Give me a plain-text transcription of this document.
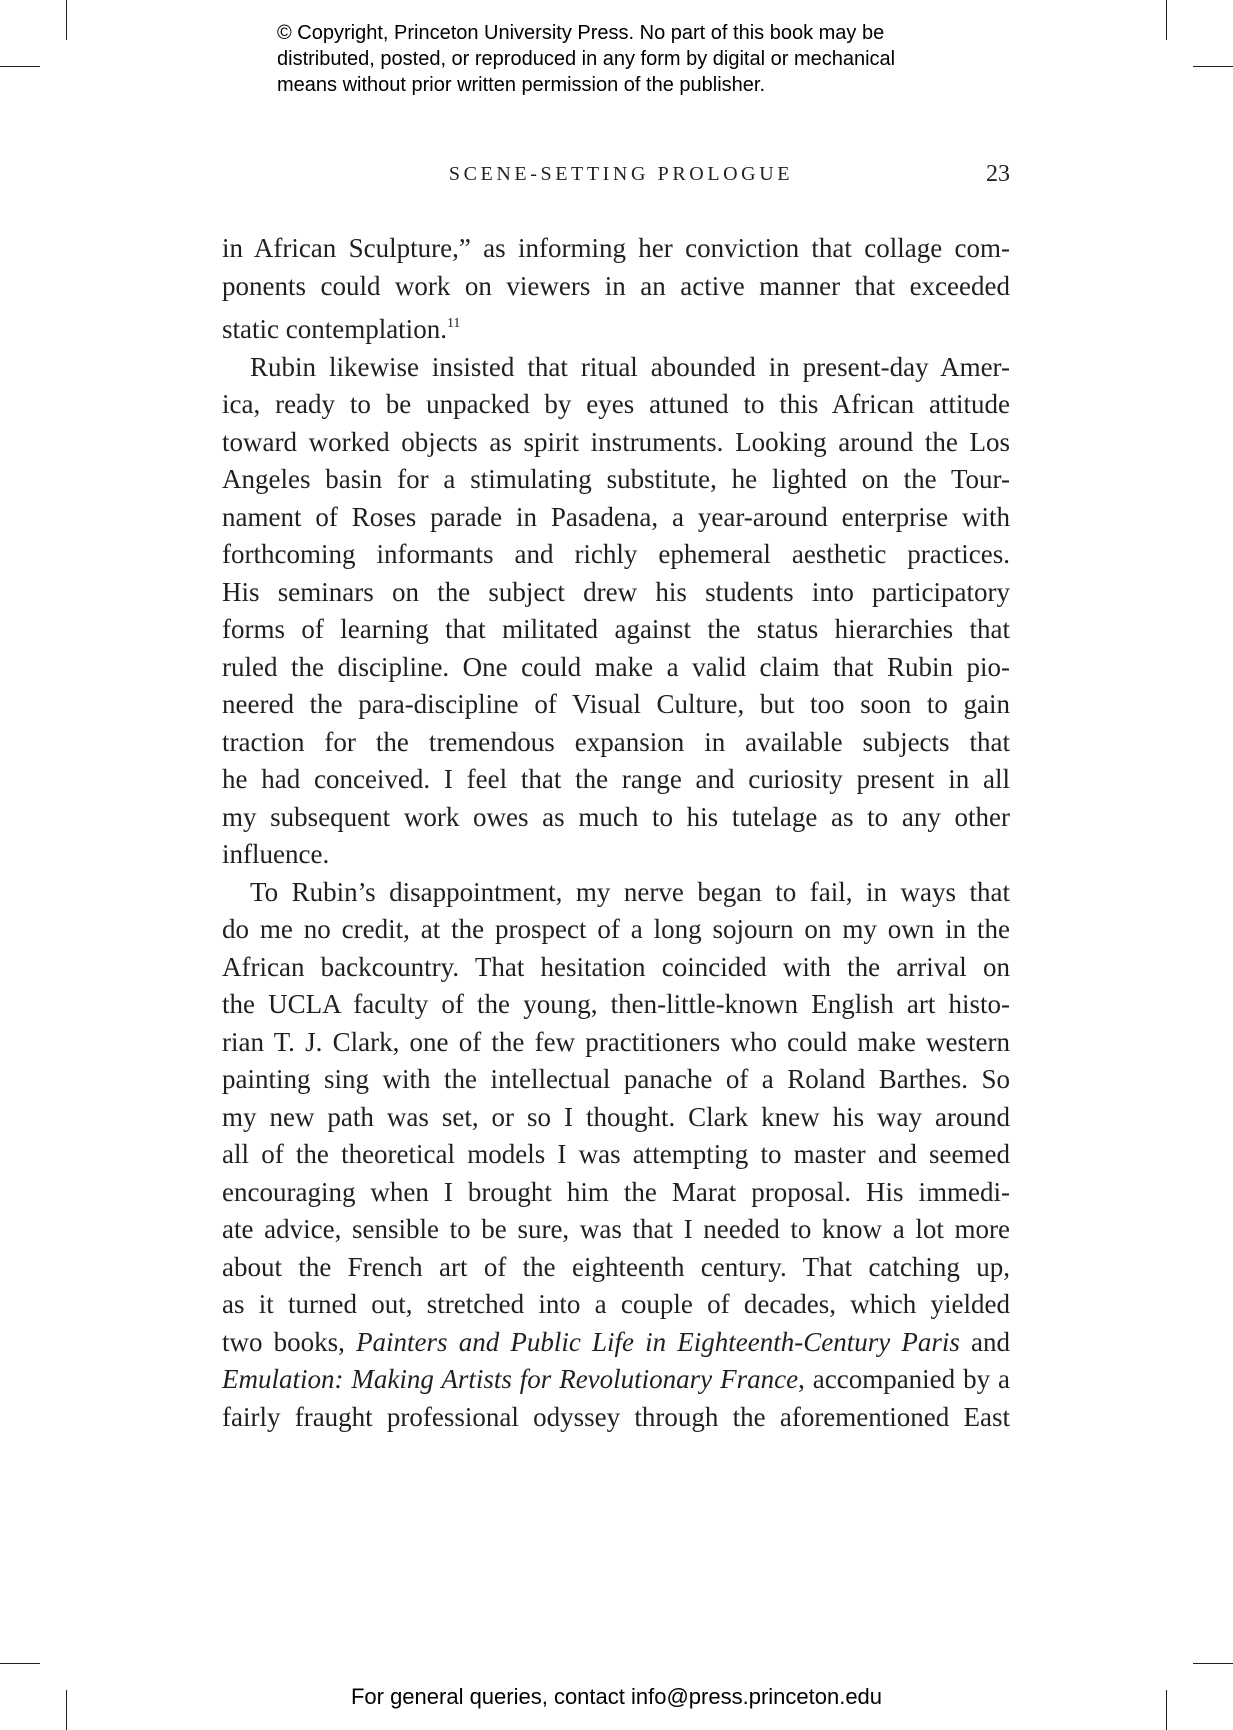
© Copyright, Princeton University Press. No part of this book may be
distributed, posted, or reproduced in any form by digital or mechanical
means without prior written permission of the publisher.
SCENE-SETTING PROLOGUE	23
in African Sculpture,” as informing her conviction that collage com-
ponents could work on viewers in an active manner that exceeded
static contemplation.$^{11}$
Rubin likewise insisted that ritual abounded in present-day Amer-
ica, ready to be unpacked by eyes attuned to this African attitude
toward worked objects as spirit instruments. Looking around the Los
Angeles basin for a stimulating substitute, he lighted on the Tour-
nament of Roses parade in Pasadena, a year-around enterprise with
forthcoming informants and richly ephemeral aesthetic practices.
His seminars on the subject drew his students into participatory
forms of learning that militated against the status hierarchies that
ruled the discipline. One could make a valid claim that Rubin pio-
neered the para-discipline of Visual Culture, but too soon to gain
traction for the tremendous expansion in available subjects that
he had conceived. I feel that the range and curiosity present in all
my subsequent work owes as much to his tutelage as to any other
influence.
To Rubin’s disappointment, my nerve began to fail, in ways that
do me no credit, at the prospect of a long sojourn on my own in the
African backcountry. That hesitation coincided with the arrival on
the UCLA faculty of the young, then-little-known English art histo-
rian T. J. Clark, one of the few practitioners who could make western
painting sing with the intellectual panache of a Roland Barthes. So
my new path was set, or so I thought. Clark knew his way around
all of the theoretical models I was attempting to master and seemed
encouraging when I brought him the Marat proposal. His immedi-
ate advice, sensible to be sure, was that I needed to know a lot more
about the French art of the eighteenth century. That catching up,
as it turned out, stretched into a couple of decades, which yielded
two books, Painters and Public Life in Eighteenth-Century Paris and
Emulation: Making Artists for Revolutionary France, accompanied by a
fairly fraught professional odyssey through the aforementioned East
For general queries, contact info@press.princeton.edu
